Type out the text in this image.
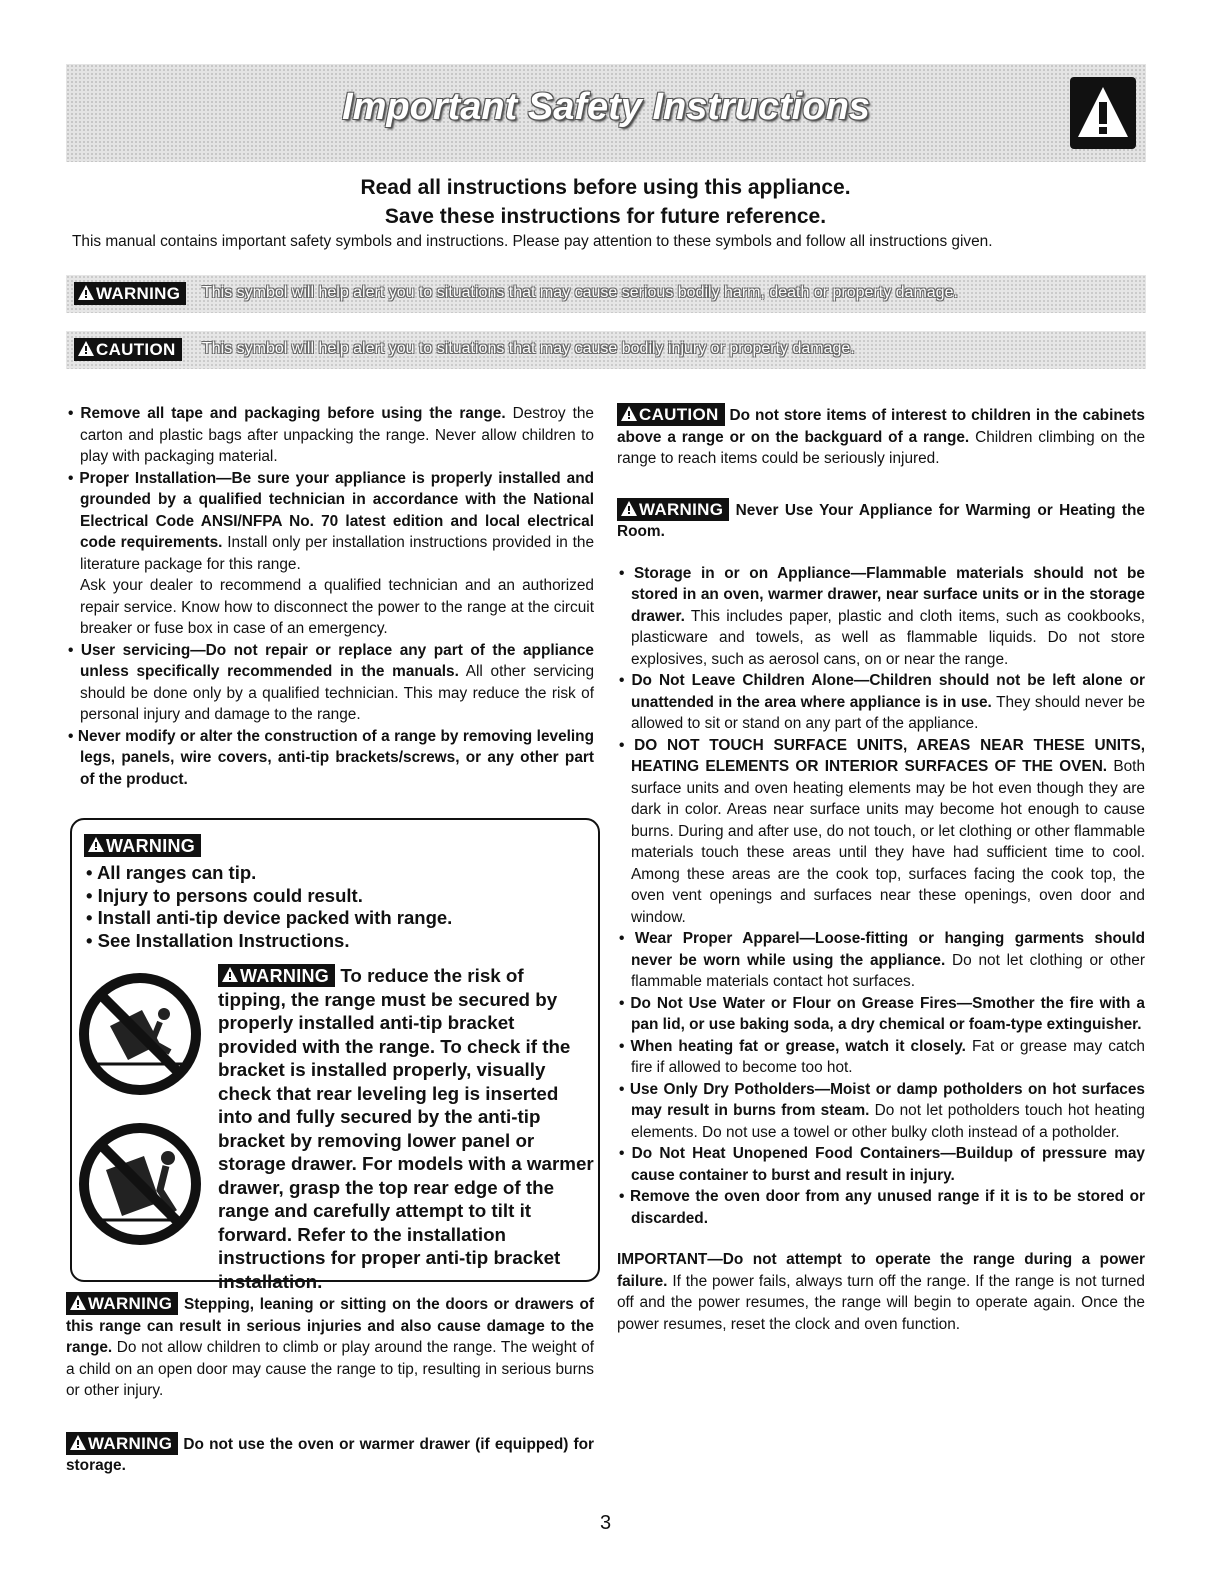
Important Safety Instructions
Read all instructions before using this appliance.
Save these instructions for future reference.
This manual contains important safety symbols and instructions. Please pay attention to these symbols and follow all instructions given.
WARNING	This symbol will help alert you to situations that may cause serious bodily harm, death or property damage.
CAUTION	This symbol will help alert you to situations that may cause bodily injury or property damage.

• Remove all tape and packaging before using the range. Destroy the carton and plastic bags after unpacking the range. Never allow children to play with packaging material.

• Proper Installation—Be sure your appliance is properly installed and grounded by a qualified technician in accordance with the National Electrical Code ANSI/NFPA No. 70 latest edition and local electrical code requirements. Install only per installation instructions provided in the literature package for this range.

Ask your dealer to recommend a qualified technician and an authorized repair service. Know how to disconnect the power to the range at the circuit breaker or fuse box in case of an emergency.

• User servicing—Do not repair or replace any part of the appliance unless specifically recommended in the manuals. All other servicing should be done only by a qualified technician. This may reduce the risk of personal injury and damage to the range.

• Never modify or alter the construction of a range by removing leveling legs, panels, wire covers, anti-tip brackets/screws, or any other part of the product.

WARNING
• All ranges can tip.
• Injury to persons could result.
• Install anti-tip device packed with range.
• See Installation Instructions.
WARNING To reduce the risk of tipping, the range must be secured by properly installed anti-tip bracket provided with the range. To check if the bracket is installed properly, visually check that rear leveling leg is inserted into and fully secured by the anti-tip bracket by removing lower panel or storage drawer. For models with a warmer drawer, grasp the top rear edge of the range and carefully attempt to tilt it forward. Refer to the installation instructions for proper anti-tip bracket installation.

WARNING Stepping, leaning or sitting on the doors or drawers of this range can result in serious injuries and also cause damage to the range. Do not allow children to climb or play around the range. The weight of a child on an open door may cause the range to tip, resulting in serious burns or other injury.

WARNING Do not use the oven or warmer drawer (if equipped) for storage.

CAUTION Do not store items of interest to children in the cabinets above a range or on the backguard of a range. Children climbing on the range to reach items could be seriously injured.

WARNING Never Use Your Appliance for Warming or Heating the Room.

• Storage in or on Appliance—Flammable materials should not be stored in an oven, warmer drawer, near surface units or in the storage drawer. This includes paper, plastic and cloth items, such as cookbooks, plasticware and towels, as well as flammable liquids. Do not store explosives, such as aerosol cans, on or near the range.

• Do Not Leave Children Alone—Children should not be left alone or unattended in the area where appliance is in use. They should never be allowed to sit or stand on any part of the appliance.

• DO NOT TOUCH SURFACE UNITS, AREAS NEAR THESE UNITS, HEATING ELEMENTS OR INTERIOR SURFACES OF THE OVEN. Both surface units and oven heating elements may be hot even though they are dark in color. Areas near surface units may become hot enough to cause burns. During and after use, do not touch, or let clothing or other flammable materials touch these areas until they have had sufficient time to cool. Among these areas are the cook top, surfaces facing the cook top, the oven vent openings and surfaces near these openings, oven door and window.

• Wear Proper Apparel—Loose-fitting or hanging garments should never be worn while using the appliance. Do not let clothing or other flammable materials contact hot surfaces.

• Do Not Use Water or Flour on Grease Fires—Smother the fire with a pan lid, or use baking soda, a dry chemical or foam-type extinguisher.

• When heating fat or grease, watch it closely. Fat or grease may catch fire if allowed to become too hot.

• Use Only Dry Potholders—Moist or damp potholders on hot surfaces may result in burns from steam. Do not let potholders touch hot heating elements. Do not use a towel or other bulky cloth instead of a potholder.

• Do Not Heat Unopened Food Containers—Buildup of pressure may cause container to burst and result in injury.

• Remove the oven door from any unused range if it is to be stored or discarded.

IMPORTANT—Do not attempt to operate the range during a power failure. If the power fails, always turn off the range. If the range is not turned off and the power resumes, the range will begin to operate again. Once the power resumes, reset the clock and oven function.

3
